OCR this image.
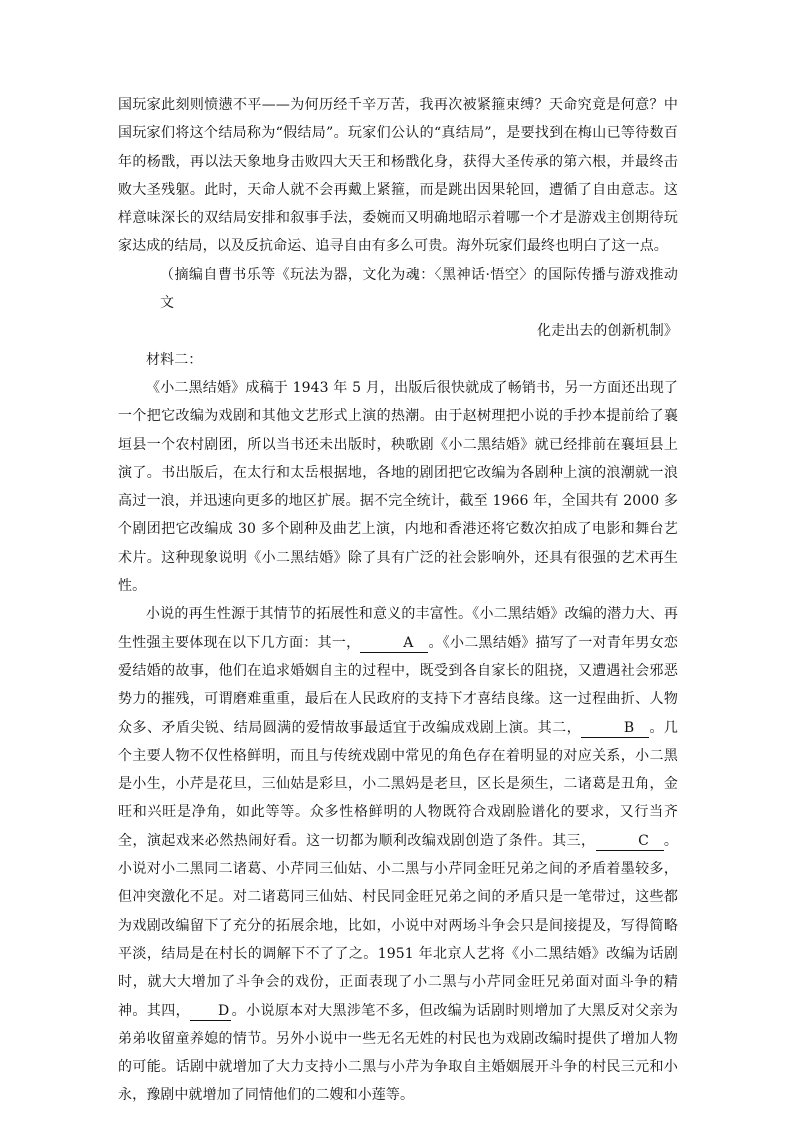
国玩家此刻则愤懑不平——为何历经千辛万苦，我再次被紧箍束缚？天命究竟是何意？中国玩家们将这个结局称为“假结局”。玩家们公认的“真结局”，是要找到在梅山已等待数百年的杨戬，再以法天象地身击败四大天王和杨戬化身，获得大圣传承的第六根，并最终击败大圣残躯。此时，天命人就不会再戴上紧箍，而是跳出因果轮回，遭循了自由意志。这样意味深长的双结局安排和叙事手法，委婉而又明确地昭示着哪一个才是游戏主创期待玩家达成的结局，以及反抗命运、追寻自由有多么可贵。海外玩家们最终也明白了这一点。

（摘编自曹书乐等《玩法为器，文化为魂：〈黑神话·悟空〉的国际传播与游戏推动文

化走出去的创新机制》

材料二：

《小二黑结婚》成稿于 1943 年 5 月，出版后很快就成了畅销书，另一方面还出现了一个把它改编为戏剧和其他文艺形式上演的热潮。由于赵树理把小说的手抄本提前给了襄垣县一个农村剧团，所以当书还未出版时，秧歌剧《小二黑结婚》就已经排前在襄垣县上演了。书出版后，在太行和太岳根据地，各地的剧团把它改编为各剧种上演的浪潮就一浪高过一浪，并迅速向更多的地区扩展。据不完全统计，截至 1966 年，全国共有 2000 多个剧团把它改编成 30 多个剧种及曲艺上演，内地和香港还将它数次拍成了电影和舞台艺术片。这种现象说明《小二黑结婚》除了具有广泛的社会影响外，还具有很强的艺术再生性。

小说的再生性源于其情节的拓展性和意义的丰富性。《小二黑结婚》改编的潜力大、再生性强主要体现在以下几方面：其一，	A 。《小二黑结婚》描写了一对青年男女恋爱结婚的故事，他们在追求婚姻自主的过程中，既受到各自家长的阻挠，又遭遇社会邪恶势力的摧残，可谓磨难重重，最后在人民政府的支持下才喜结良缘。这一过程曲折、人物众多、矛盾尖锐、结局圆满的爱情故事最适宜于改编成戏剧上演。其二，	B 。几个主要人物不仅性格鲜明，而且与传统戏剧中常见的角色存在着明显的对应关系，小二黑是小生，小芹是花旦，三仙姑是彩旦，小二黑妈是老旦，区长是须生，二诸葛是丑角，金旺和兴旺是净角，如此等等。众多性格鲜明的人物既符合戏剧脸谱化的要求，又行当齐全，演起戏来必然热闹好看。这一切都为顺利改编戏剧创造了条件。其三，	C 。小说对小二黑同二诸葛、小芹同三仙姑、小二黑与小芹同金旺兄弟之间的矛盾着墨较多，但冲突激化不足。对二诸葛同三仙姑、村民同金旺兄弟之间的矛盾只是一笔带过，这些都为戏剧改编留下了充分的拓展余地，比如，小说中对两场斗争会只是间接提及，写得简略平淡，结局是在村长的调解下不了了之。1951 年北京人艺将《小二黑结婚》改编为话剧时，就大大增加了斗争会的戏份，正面表现了小二黑与小芹同金旺兄弟面对面斗争的精神。其四， D 。小说原本对大黑涉笔不多，但改编为话剧时则增加了大黑反对父亲为弟弟收留童养媳的情节。另外小说中一些无名无姓的村民也为戏剧改编时提供了增加人物的可能。话剧中就增加了大力支持小二黑与小芹为争取自主婚姻展开斗争的村民三元和小永，豫剧中就增加了同情他们的二嫂和小莲等。
